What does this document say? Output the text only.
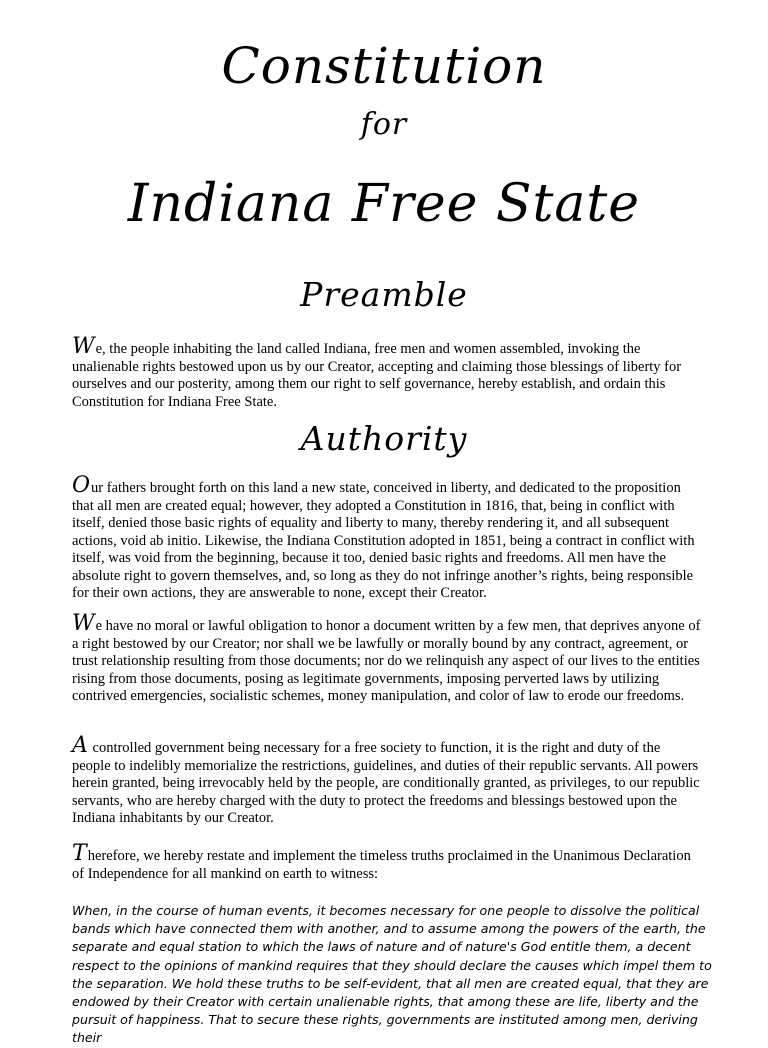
Constitution
for
Indiana Free State
Preamble

We, the people inhabiting the land called Indiana, free men and women assembled, invoking the unalienable rights bestowed upon us by our Creator, accepting and claiming those blessings of liberty for ourselves and our posterity, among them our right to self governance, hereby establish, and ordain this Constitution for Indiana Free State.

Authority

Our fathers brought forth on this land a new state, conceived in liberty, and dedicated to the proposition that all men are created equal; however, they adopted a Constitution in 1816, that, being in conflict with itself, denied those basic rights of equality and liberty to many, thereby rendering it, and all subsequent actions, void ab initio. Likewise, the Indiana Constitution adopted in 1851, being a contract in conflict with itself, was void from the beginning, because it too, denied basic rights and freedoms. All men have the absolute right to govern themselves, and, so long as they do not infringe another’s rights, being responsible for their own actions, they are answerable to none, except their Creator.

We have no moral or lawful obligation to honor a document written by a few men, that deprives anyone of a right bestowed by our Creator; nor shall we be lawfully or morally bound by any contract, agreement, or trust relationship resulting from those documents; nor do we relinquish any aspect of our lives to the entities rising from those documents, posing as legitimate governments, imposing perverted laws by utilizing contrived emergencies, socialistic schemes, money manipulation, and color of law to erode our freedoms.

A controlled government being necessary for a free society to function, it is the right and duty of the people to indelibly memorialize the restrictions, guidelines, and duties of their republic servants. All powers herein granted, being irrevocably held by the people, are conditionally granted, as privileges, to our republic servants, who are hereby charged with the duty to protect the freedoms and blessings bestowed upon the Indiana inhabitants by our Creator.

Therefore, we hereby restate and implement the timeless truths proclaimed in the Unanimous Declaration of Independence for all mankind on earth to witness:

When, in the course of human events, it becomes necessary for one people to dissolve the political bands which have connected them with another, and to assume among the powers of the earth, the separate and equal station to which the laws of nature and of nature's God entitle them, a decent respect to the opinions of mankind requires that they should declare the causes which impel them to the separation. We hold these truths to be self-evident, that all men are created equal, that they are endowed by their Creator with certain unalienable rights, that among these are life, liberty and the pursuit of happiness. That to secure these rights, governments are instituted among men, deriving their
